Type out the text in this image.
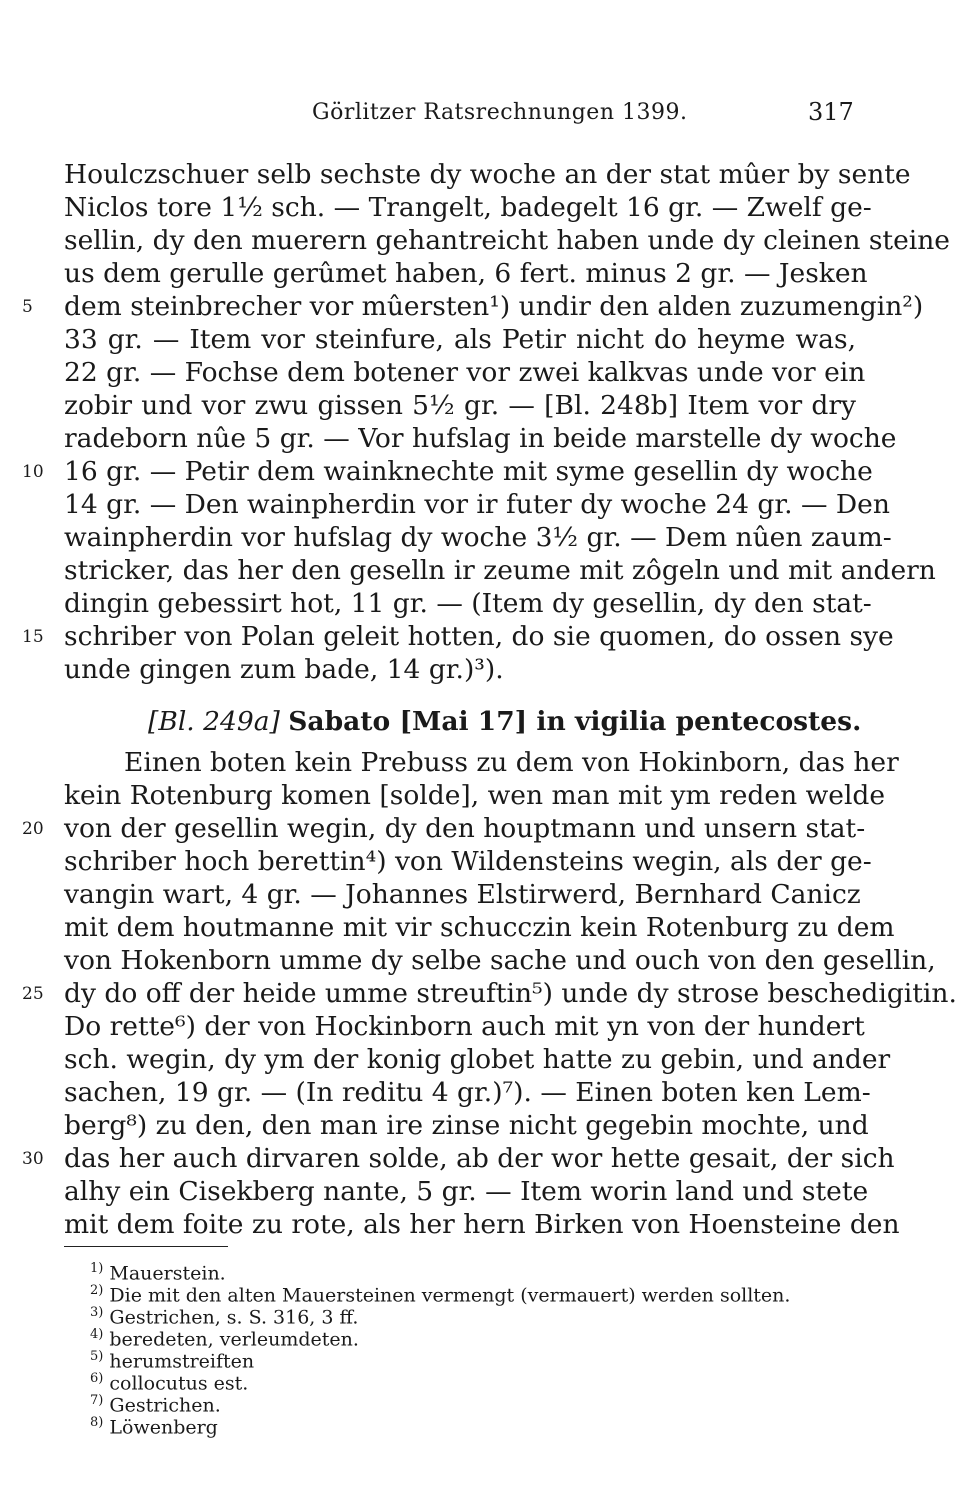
Görlitzer Ratsrechnungen 1399.	317
Houlczschuer selb sechste dy woche an der stat mûer by sente
Niclos tore 1½ sch. — Trangelt, badegelt 16 gr. — Zwelf ge-
sellin, dy den muerern gehantreicht haben unde dy cleinen steine
us dem gerulle gerûmet haben, 6 fert. minus 2 gr. — Jesken
dem steinbrecher vor mûersten¹) undir den alden zuzumengin²)
33 gr. — Item vor steinfure, als Petir nicht do heyme was,
22 gr. — Fochse dem botener vor zwei kalkvas unde vor ein
zobir und vor zwu gissen 5½ gr. — [Bl. 248b] Item vor dry
radeborn nûe 5 gr. — Vor hufslag in beide marstelle dy woche
16 gr. — Petir dem wainknechte mit syme gesellin dy woche
14 gr. — Den wainpherdin vor ir futer dy woche 24 gr. — Den
wainpherdin vor hufslag dy woche 3½ gr. — Dem nûen zaum-
stricker, das her den geselln ir zeume mit zôgeln und mit andern
dingin gebessirt hot, 11 gr. — (Item dy gesellin, dy den stat-
schriber von Polan geleit hotten, do sie quomen, do ossen sye
unde gingen zum bade, 14 gr.)³).
[Bl. 249a] Sabato [Mai 17] in vigilia pentecostes.
Einen boten kein Prebuss zu dem von Hokinborn, das her
kein Rotenburg komen [solde], wen man mit ym reden welde
von der gesellin wegin, dy den houptmann und unsern stat-
schriber hoch berettin⁴) von Wildensteins wegin, als der ge-
vangin wart, 4 gr. — Johannes Elstirwerd, Bernhard Canicz
mit dem houtmanne mit vir schucczin kein Rotenburg zu dem
von Hokenborn umme dy selbe sache und ouch von den gesellin,
dy do off der heide umme streuftin⁵) unde dy strose beschedigitin.
Do rette⁶) der von Hockinborn auch mit yn von der hundert
sch. wegin, dy ym der konig globet hatte zu gebin, und ander
sachen, 19 gr. — (In reditu 4 gr.)⁷). — Einen boten ken Lem-
berg⁸) zu den, den man ire zinse nicht gegebin mochte, und
das her auch dirvaren solde, ab der wor hette gesait, der sich
alhy ein Cisekberg nante, 5 gr. — Item worin land und stete
mit dem foite zu rote, als her hern Birken von Hoensteine den
5
10
15
20
25
30
$^{1)}$ Mauerstein.
$^{2)}$ Die mit den alten Mauersteinen vermengt (vermauert) werden sollten.
$^{3)}$ Gestrichen, s. S. 316, 3 ff.
$^{4)}$ beredeten, verleumdeten.
$^{5)}$ herumstreiften
$^{6)}$ collocutus est.
$^{7)}$ Gestrichen.
$^{8)}$ Löwenberg
